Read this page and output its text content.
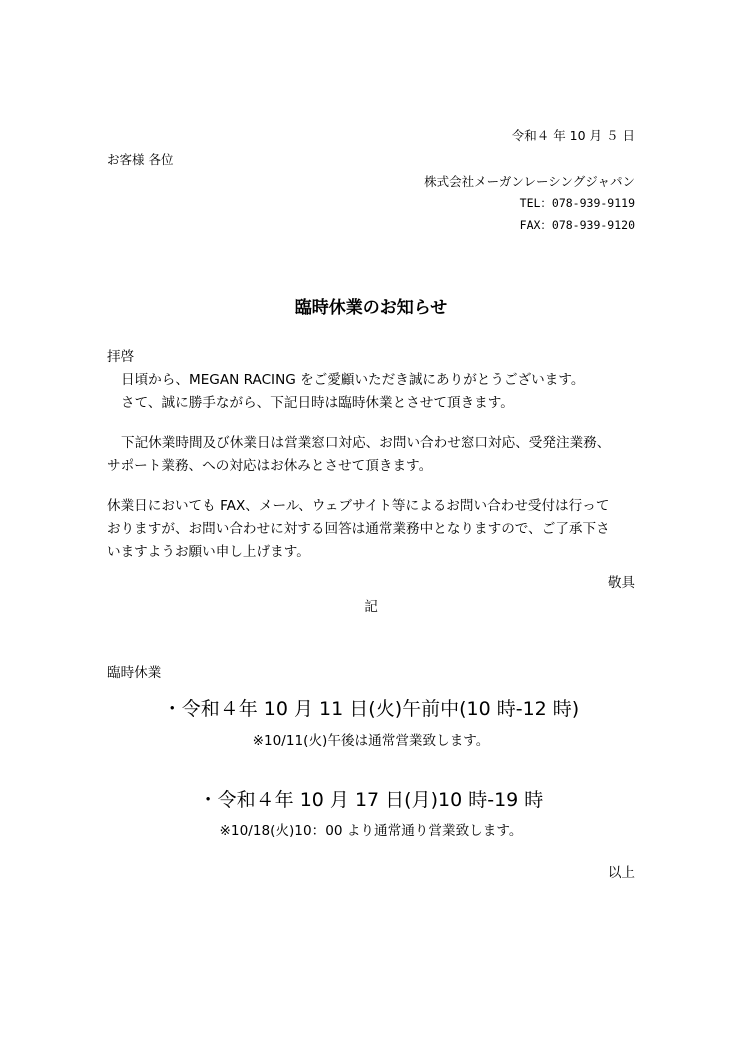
令和４ 年 10 月 ５ 日
お客様 各位
株式会社メーガンレーシングジャパン
TEL：078-939-9119
FAX：078-939-9120
臨時休業のお知らせ
拝啓
日頃から、MEGAN RACING をご愛顧いただき誠にありがとうございます。
さて、誠に勝手ながら、下記日時は臨時休業とさせて頂きます。
下記休業時間及び休業日は営業窓口対応、お問い合わせ窓口対応、受発注業務、
サポート業務、への対応はお休みとさせて頂きます。
休業日においても FAX、メール、ウェブサイト等によるお問い合わせ受付は行って
おりますが、お問い合わせに対する回答は通常業務中となりますので、ご了承下さ
いますようお願い申し上げます。
敬具
記
臨時休業
・令和４年 10 月 11 日(火)午前中(10 時-12 時)
※10/11(火)午後は通常営業致します。
・令和４年 10 月 17 日(月)10 時-19 時
※10/18(火)10：00 より通常通り営業致します。
以上
